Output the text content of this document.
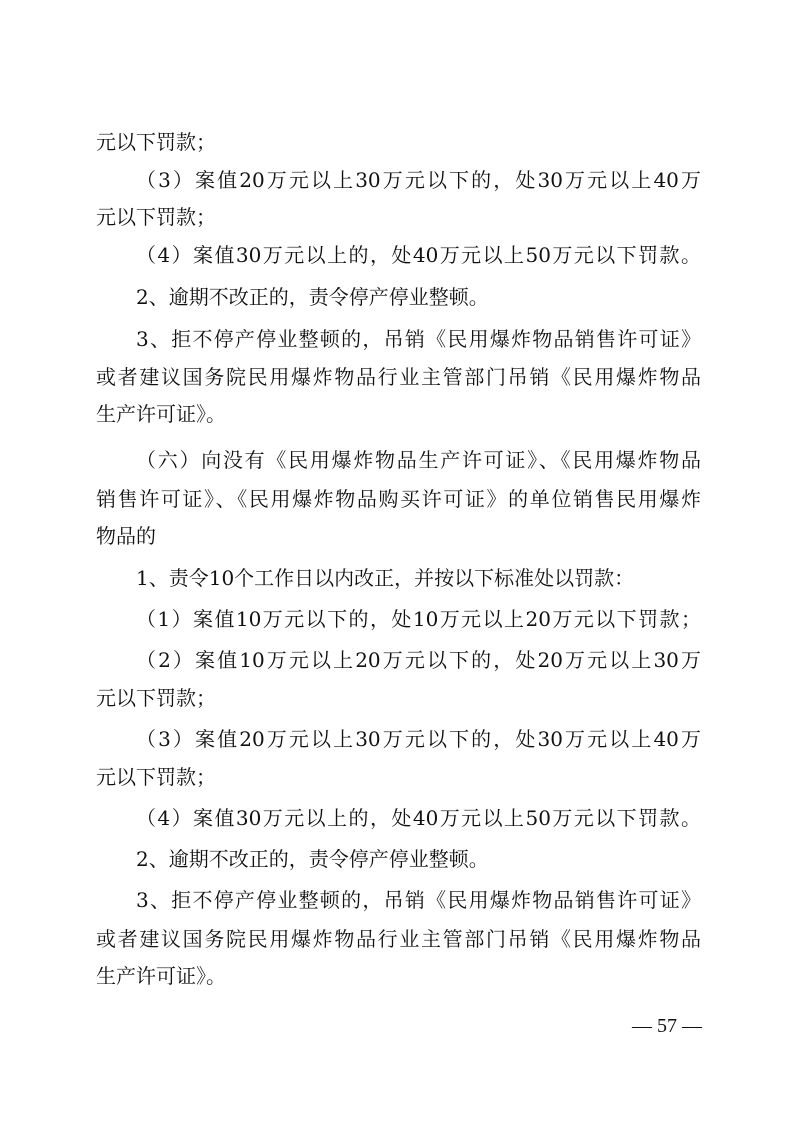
元以下罚款；
（3）案值20万元以上30万元以下的，处30万元以上40万
元以下罚款；
（4）案值30万元以上的，处40万元以上50万元以下罚款。
2、逾期不改正的，责令停产停业整顿。
3、拒不停产停业整顿的，吊销《民用爆炸物品销售许可证》
或者建议国务院民用爆炸物品行业主管部门吊销《民用爆炸物品
生产许可证》。
（六）向没有《民用爆炸物品生产许可证》、《民用爆炸物品
销售许可证》、《民用爆炸物品购买许可证》的单位销售民用爆炸
物品的
1、责令10个工作日以内改正，并按以下标准处以罚款：
（1）案值10万元以下的，处10万元以上20万元以下罚款；
（2）案值10万元以上20万元以下的，处20万元以上30万
元以下罚款；
（3）案值20万元以上30万元以下的，处30万元以上40万
元以下罚款；
（4）案值30万元以上的，处40万元以上50万元以下罚款。
2、逾期不改正的，责令停产停业整顿。
3、拒不停产停业整顿的，吊销《民用爆炸物品销售许可证》
或者建议国务院民用爆炸物品行业主管部门吊销《民用爆炸物品
生产许可证》。
— 57 —
